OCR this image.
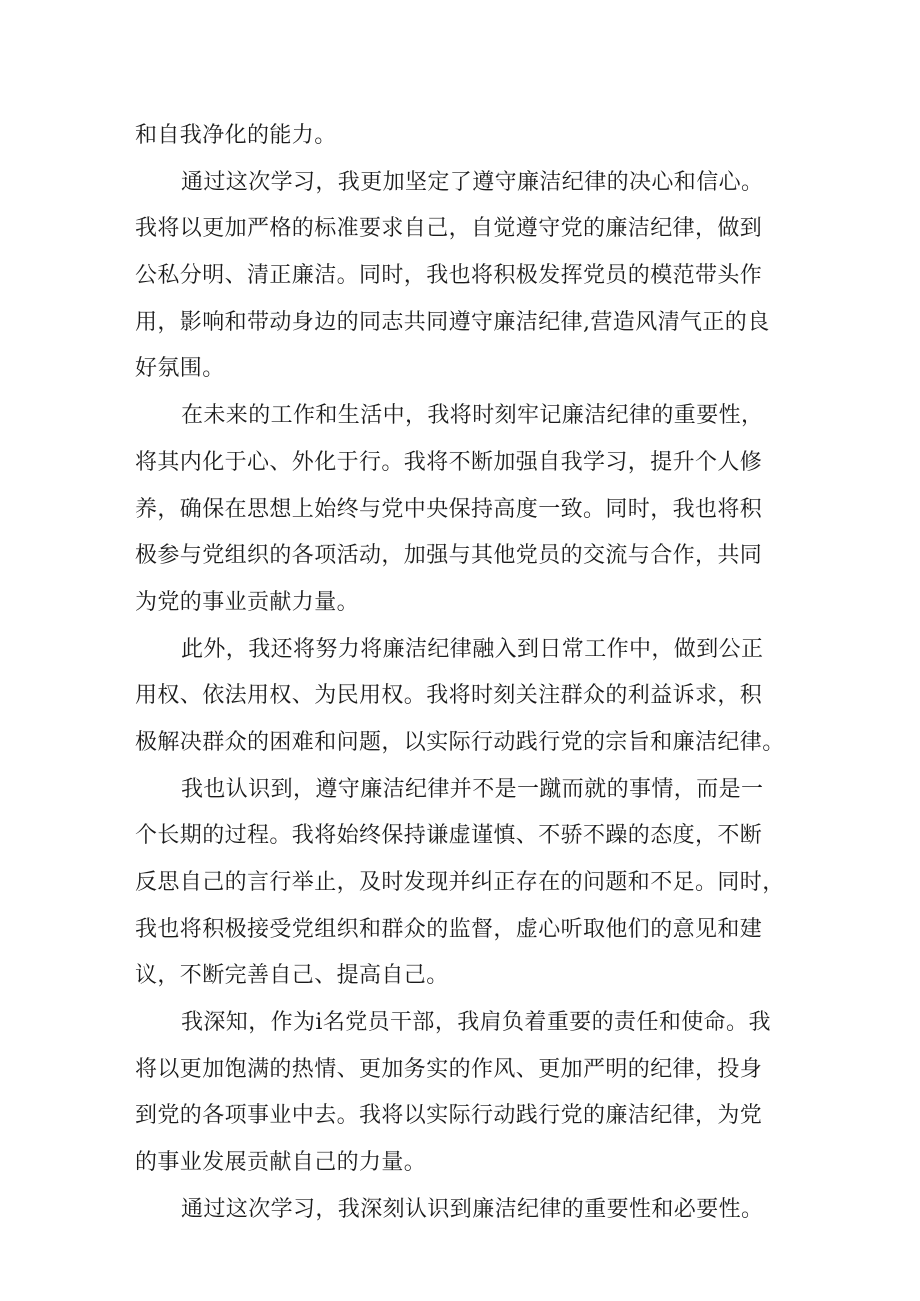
和自我净化的能力。
通过这次学习，我更加坚定了遵守廉洁纪律的决心和信心。
我将以更加严格的标准要求自己，自觉遵守党的廉洁纪律，做到
公私分明、清正廉洁。同时，我也将积极发挥党员的模范带头作
用，影响和带动身边的同志共同遵守廉洁纪律,营造风清气正的良
好氛围。
在未来的工作和生活中，我将时刻牢记廉洁纪律的重要性，
将其内化于心、外化于行。我将不断加强自我学习，提升个人修
养，确保在思想上始终与党中央保持高度一致。同时，我也将积
极参与党组织的各项活动，加强与其他党员的交流与合作，共同
为党的事业贡献力量。
此外，我还将努力将廉洁纪律融入到日常工作中，做到公正
用权、依法用权、为民用权。我将时刻关注群众的利益诉求，积
极解决群众的困难和问题，以实际行动践行党的宗旨和廉洁纪律。
我也认识到，遵守廉洁纪律并不是一蹴而就的事情，而是一
个长期的过程。我将始终保持谦虚谨慎、不骄不躁的态度，不断
反思自己的言行举止，及时发现并纠正存在的问题和不足。同时，
我也将积极接受党组织和群众的监督，虚心听取他们的意见和建
议，不断完善自己、提高自己。
我深知，作为i名党员干部，我肩负着重要的责任和使命。我
将以更加饱满的热情、更加务实的作风、更加严明的纪律，投身
到党的各项事业中去。我将以实际行动践行党的廉洁纪律，为党
的事业发展贡献自己的力量。
通过这次学习，我深刻认识到廉洁纪律的重要性和必要性。
